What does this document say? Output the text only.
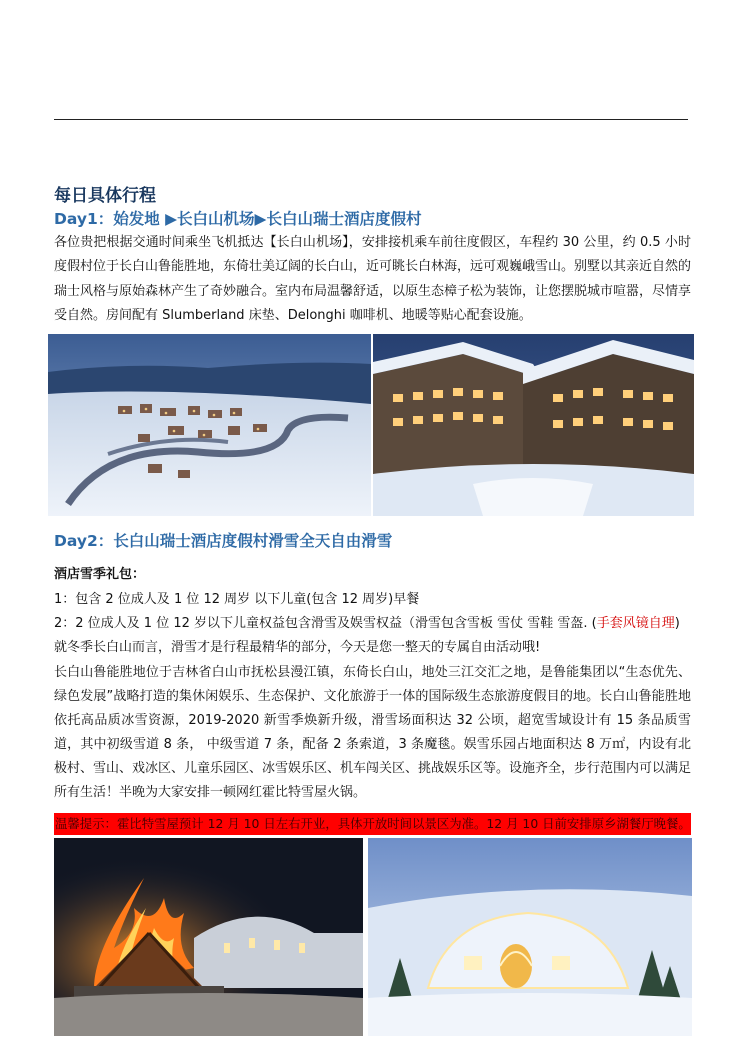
每日具体行程
Day1：始发地 ▶长白山机场▶长白山瑞士酒店度假村

各位贵把根据交通时间乘坐飞机抵达【长白山机场】，安排接机乘车前往度假区，车程约 30 公里，约 0.5 小时度假村位于长白山鲁能胜地，东倚壮美辽阔的长白山，近可眺长白林海，远可观巍峨雪山。别墅以其亲近自然的瑞士风格与原始森林产生了奇妙融合。室内布局温馨舒适，以原生态樟子松为装饰，让您摆脱城市喧嚣，尽情享受自然。房间配有 Slumberland 床垫、Delonghi 咖啡机、地暖等贴心配套设施。

Day2：长白山瑞士酒店度假村滑雪全天自由滑雪

酒店雪季礼包：

1：包含 2 位成人及 1 位 12 周岁 以下儿童(包含 12 周岁)早餐

2：2 位成人及 1 位 12 岁以下儿童权益包含滑雪及娱雪权益（滑雪包含雪板 雪仗 雪鞋 雪盔. (手套风镜自理)

就冬季长白山而言，滑雪才是行程最精华的部分，今天是您一整天的专属自由活动哦!

长白山鲁能胜地位于吉林省白山市抚松县漫江镇，东倚长白山，地处三江交汇之地，是鲁能集团以“生态优先、绿色发展”战略打造的集休闲娱乐、生态保护、文化旅游于一体的国际级生态旅游度假目的地。长白山鲁能胜地依托高品质冰雪资源，2019-2020 新雪季焕新升级，滑雪场面积达 32 公顷，超宽雪域设计有 15 条品质雪道，其中初级雪道 8 条， 中级雪道 7 条，配备 2 条索道，3 条魔毯。娱雪乐园占地面积达 8 万㎡，内设有北极村、雪山、戏冰区、儿童乐园区、冰雪娱乐区、机车闯关区、挑战娱乐区等。设施齐全，步行范围内可以满足所有生活！半晚为大家安排一顿网红霍比特雪屋火锅。

温馨提示：霍比特雪屋预计 12 月 10 日左右开业，具体开放时间以景区为准。12 月 10 日前安排原乡湖餐厅晚餐。
